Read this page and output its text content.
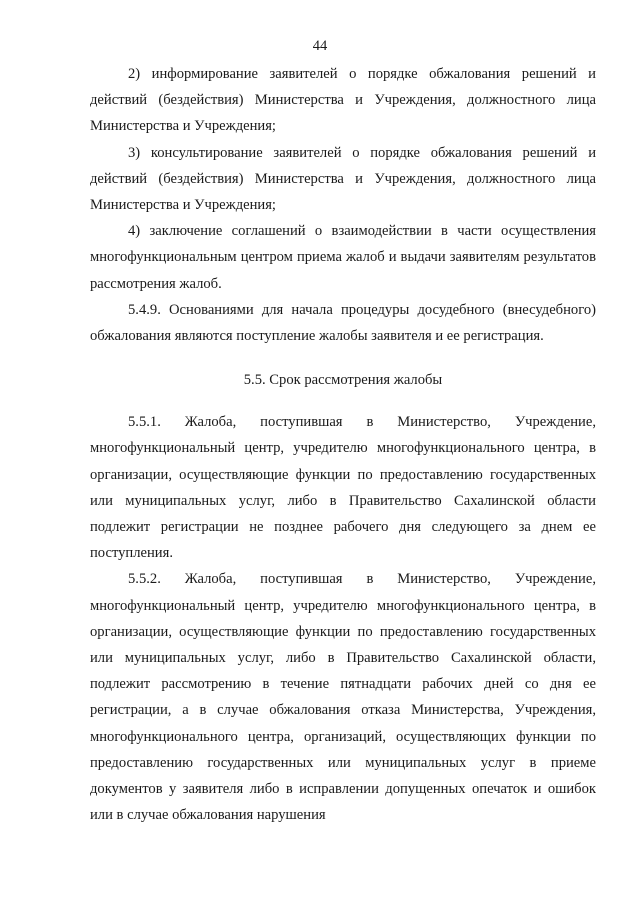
44

2) информирование заявителей о порядке обжалования решений и действий (бездействия) Министерства и Учреждения, должностного лица Министерства и Учреждения;

3) консультирование заявителей о порядке обжалования решений и действий (бездействия) Министерства и Учреждения, должностного лица Министерства и Учреждения;

4) заключение соглашений о взаимодействии в части осуществления многофункциональным центром приема жалоб и выдачи заявителям результатов рассмотрения жалоб.

5.4.9. Основаниями для начала процедуры досудебного (внесудебного) обжалования являются поступление жалобы заявителя и ее регистрация.

5.5. Срок рассмотрения жалобы

5.5.1. Жалоба, поступившая в Министерство, Учреждение, многофункциональный центр, учредителю многофункционального центра, в организации, осуществляющие функции по предоставлению государственных или муниципальных услуг, либо в Правительство Сахалинской области подлежит регистрации не позднее рабочего дня следующего за днем ее поступления.

5.5.2. Жалоба, поступившая в Министерство, Учреждение, многофункциональный центр, учредителю многофункционального центра, в организации, осуществляющие функции по предоставлению государственных или муниципальных услуг, либо в Правительство Сахалинской области, подлежит рассмотрению в течение пятнадцати рабочих дней со дня ее регистрации, а в случае обжалования отказа Министерства, Учреждения, многофункционального центра, организаций, осуществляющих функции по предоставлению государственных или муниципальных услуг в приеме документов у заявителя либо в исправлении допущенных опечаток и ошибок или в случае обжалования нарушения
